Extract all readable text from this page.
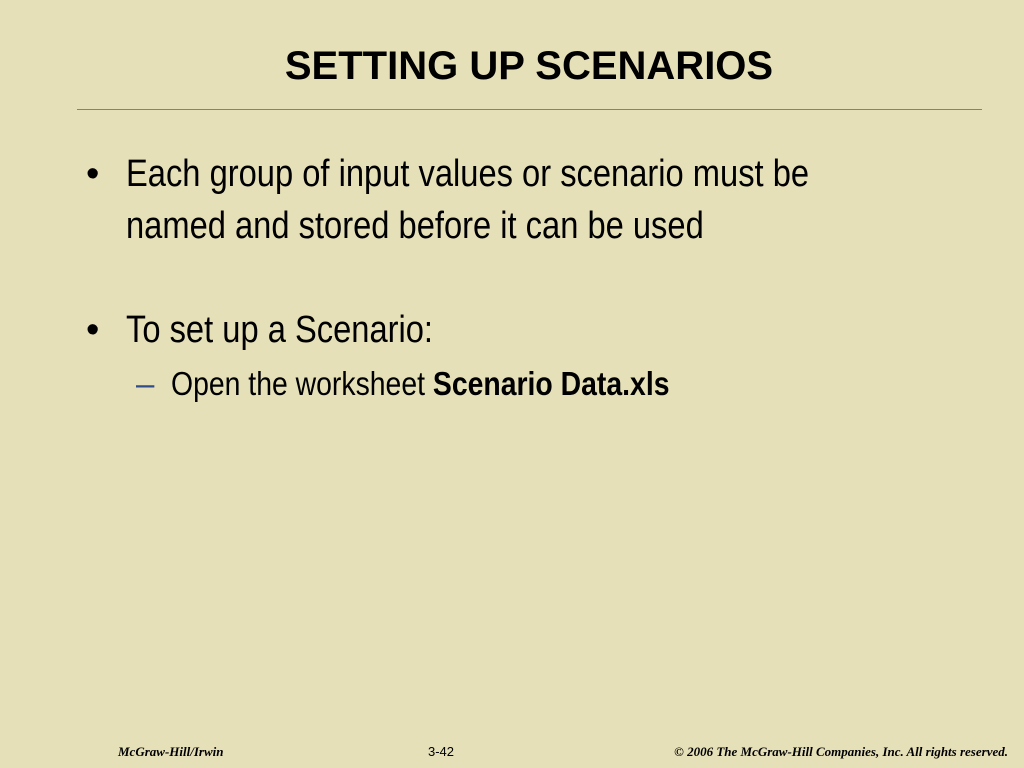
SETTING UP SCENARIOS
• Each group of input values or scenario must be
named and stored before it can be used
• To set up a Scenario:
– Open the worksheet Scenario Data.xls
McGraw-Hill/Irwin	3-42	© 2006 The McGraw-Hill Companies, Inc. All rights reserved.
